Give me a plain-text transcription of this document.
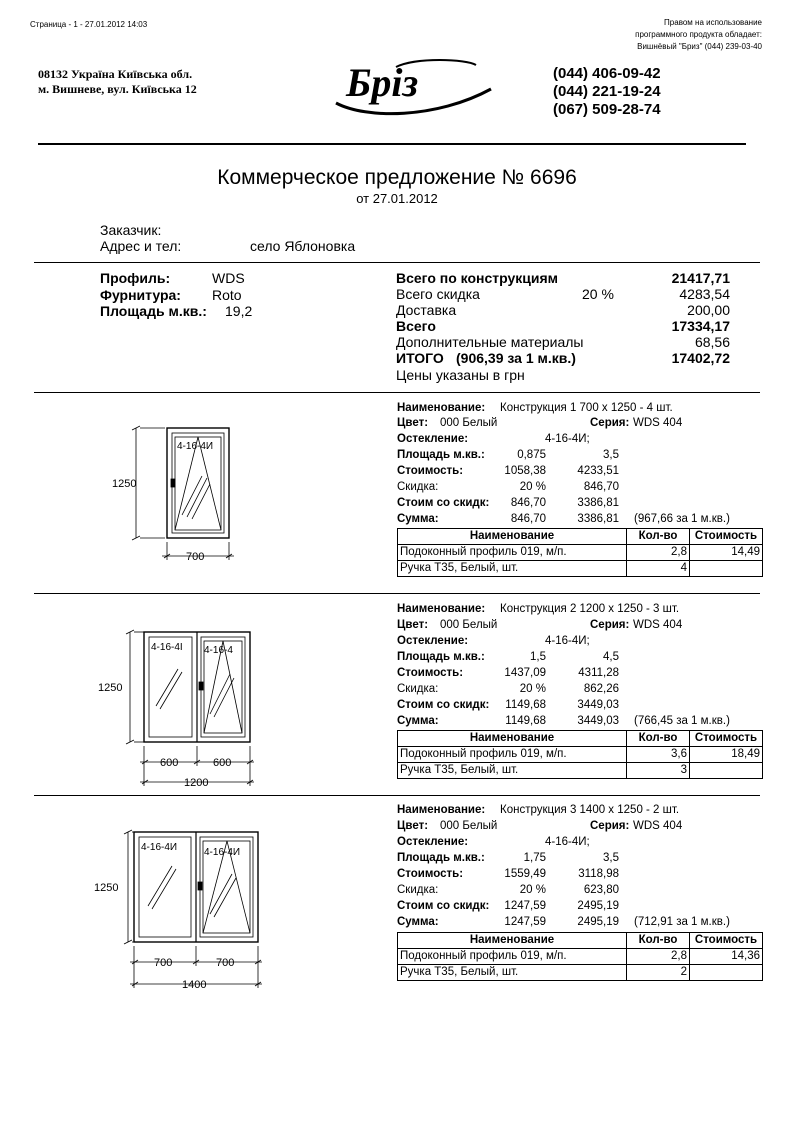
Страница - 1 - 27.01.2012 14:03	Правом на использование
программного продукта обладает:
Вишнёвый "Бриз" (044) 239-03-40
08132 Україна Київська обл.
м. Вишневе, вул. Київська 12	Бріз	(044) 406-09-42
(044) 221-19-24
(067) 509-28-74
Коммерческое предложение № 6696
от 27.01.2012
Заказчик:
Адрес и тел:	село Яблоновка
Профиль:	WDS
Фурнитура: Roto
Площадь м.кв.: 19,2
Всего по конструкциям	21417,71
Всего скидка	20 %	4283,54
Доставка	200,00
Всего	17334,17
Дополнительные материалы	68,56
ИТОГО (906,39 за 1 м.кв.)	17402,72
Цены указаны в грн
1250
700
4-16-4И
Наименование: Конструкция 1 700 x 1250 - 4 шт.
Цвет: 000 Белый	Серия: WDS 404
Остекление:	4-16-4И;
Площадь м.кв.:	0,875	3,5
Стоимость:	1058,38	4233,51
Скидка:	20 %	846,70
Стоим со скидк: 846,70	3386,81
Сумма:	846,70	3386,81 (967,66 за 1 м.кв.)
Наименование	Кол-во	Стоимость
Подоконный профиль 019, м/п.	2,8	14,49
Ручка Т35, Белый, шт.	4	
1250
600	600
1200
4-16-4І 4-16-4
Наименование: Конструкция 2 1200 x 1250 - 3 шт.
Цвет: 000 Белый	Серия: WDS 404
Остекление:	4-16-4И;
Площадь м.кв.:	1,5	4,5
Стоимость:	1437,09	4311,28
Скидка:	20 %	862,26
Стоим со скидк: 1149,68	3449,03
Сумма:	1149,68	3449,03 (766,45 за 1 м.кв.)
Наименование	Кол-во	Стоимость
Подоконный профиль 019, м/п.	3,6	18,49
Ручка Т35, Белый, шт.	3	
1250
700	700
1400
4-16-4И	4-16-4И
Наименование: Конструкция 3 1400 x 1250 - 2 шт.
Цвет: 000 Белый	Серия: WDS 404
Остекление:	4-16-4И;
Площадь м.кв.:	1,75	3,5
Стоимость:	1559,49	3118,98
Скидка:	20 %	623,80
Стоим со скидк: 1247,59	2495,19
Сумма:	1247,59	2495,19 (712,91 за 1 м.кв.)
Наименование	Кол-во	Стоимость
Подоконный профиль 019, м/п.	2,8	14,36
Ручка Т35, Белый, шт.	2	
